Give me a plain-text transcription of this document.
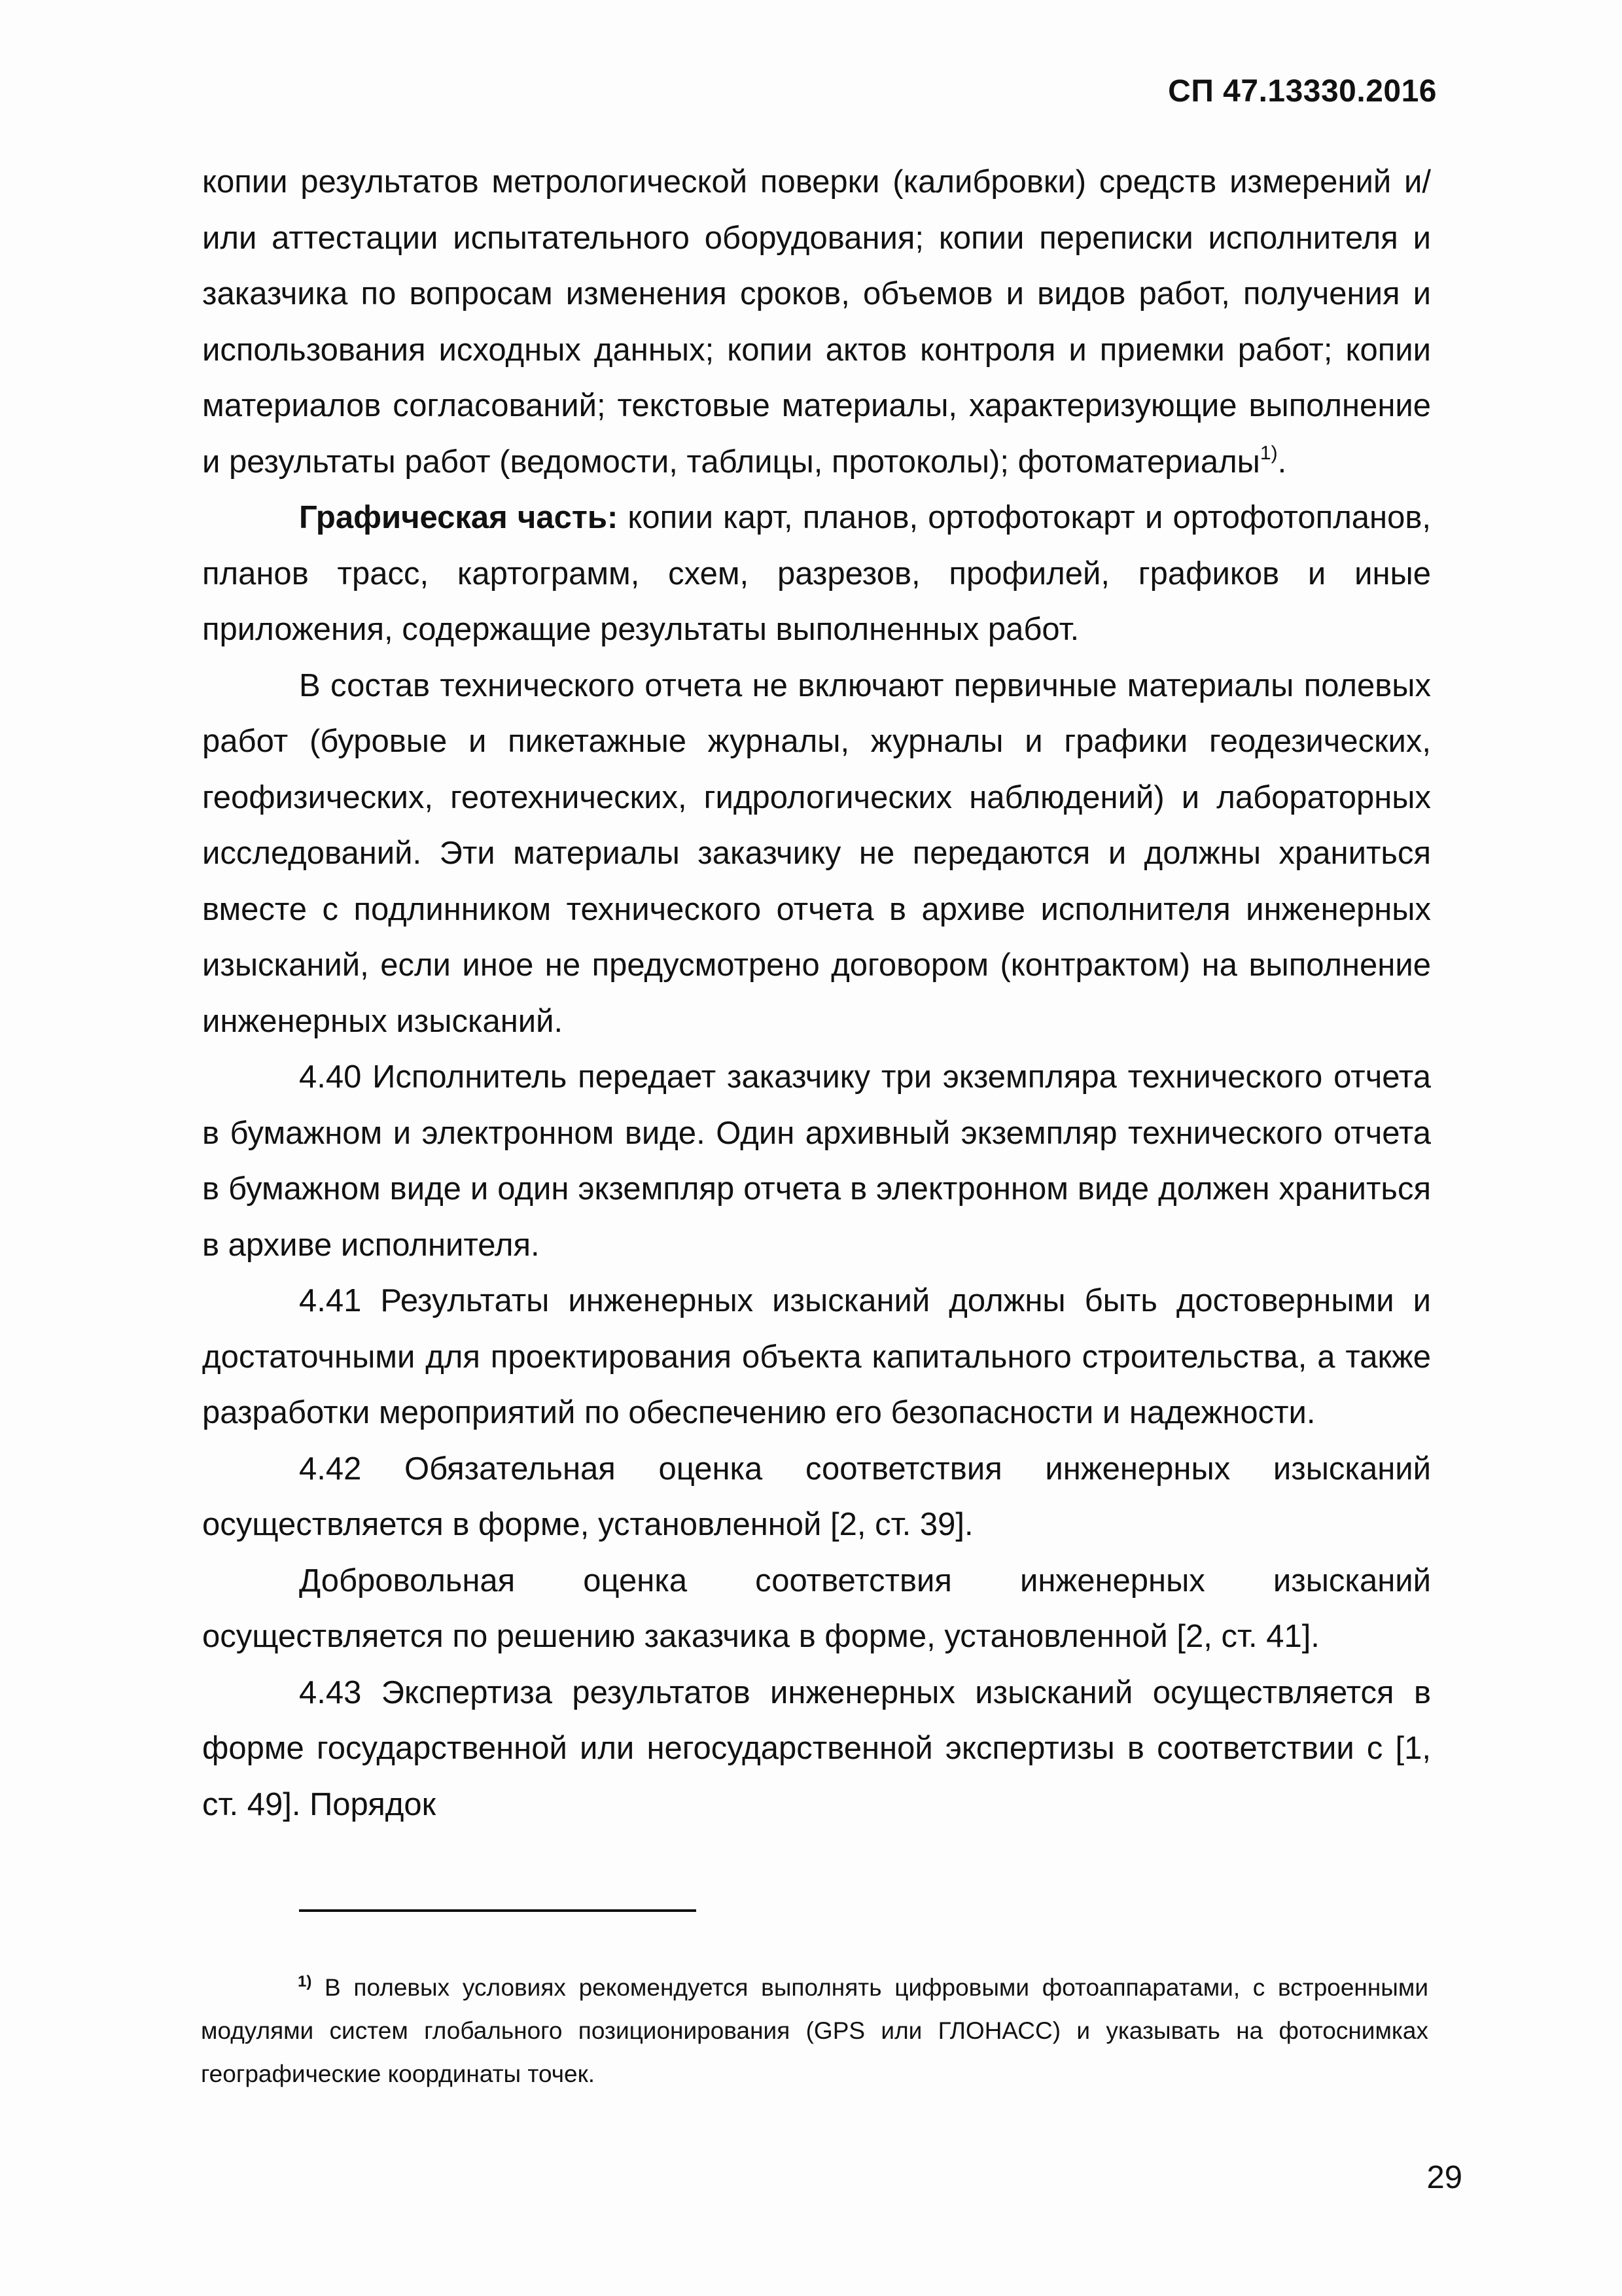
СП 47.13330.2016

копии результатов метрологической поверки (калибровки) средств измерений и/или аттестации испытательного оборудования; копии переписки исполнителя и заказчика по вопросам изменения сроков, объемов и видов работ, получения и использования исходных данных; копии актов контроля и приемки работ; копии материалов согласований; текстовые материалы, характеризующие выполнение и результаты работ (ведомости, таблицы, протоколы); фотоматериалы$^{1)}$.

Графическая часть: копии карт, планов, ортофотокарт и ортофотопланов, планов трасс, картограмм, схем, разрезов, профилей, графиков и иные приложения, содержащие результаты выполненных работ.

В состав технического отчета не включают первичные материалы полевых работ (буровые и пикетажные журналы, журналы и графики геодезических, геофизических, геотехнических, гидрологических наблюдений) и лабораторных исследований. Эти материалы заказчику не передаются и должны храниться вместе с подлинником технического отчета в архиве исполнителя инженерных изысканий, если иное не предусмотрено договором (контрактом) на выполнение инженерных изысканий.

4.40 Исполнитель передает заказчику три экземпляра технического отчета в бумажном и электронном виде. Один архивный экземпляр технического отчета в бумажном виде и один экземпляр отчета в электронном виде должен храниться в архиве исполнителя.

4.41 Результаты инженерных изысканий должны быть достоверными и достаточными для проектирования объекта капитального строительства, а также разработки мероприятий по обеспечению его безопасности и надежности.

4.42 Обязательная оценка соответствия инженерных изысканий осуществляется в форме, установленной [2, ст. 39].

Добровольная оценка соответствия инженерных изысканий осуществляется по решению заказчика в форме, установленной [2, ст. 41].

4.43 Экспертиза результатов инженерных изысканий осуществляется в форме государственной или негосударственной экспертизы в соответствии с [1, ст. 49]. Порядок

$^{1)}$ В полевых условиях рекомендуется выполнять цифровыми фотоаппаратами, с встроенными модулями систем глобального позиционирования (GPS или ГЛОНАСС) и указывать на фотоснимках географические координаты точек.
29
